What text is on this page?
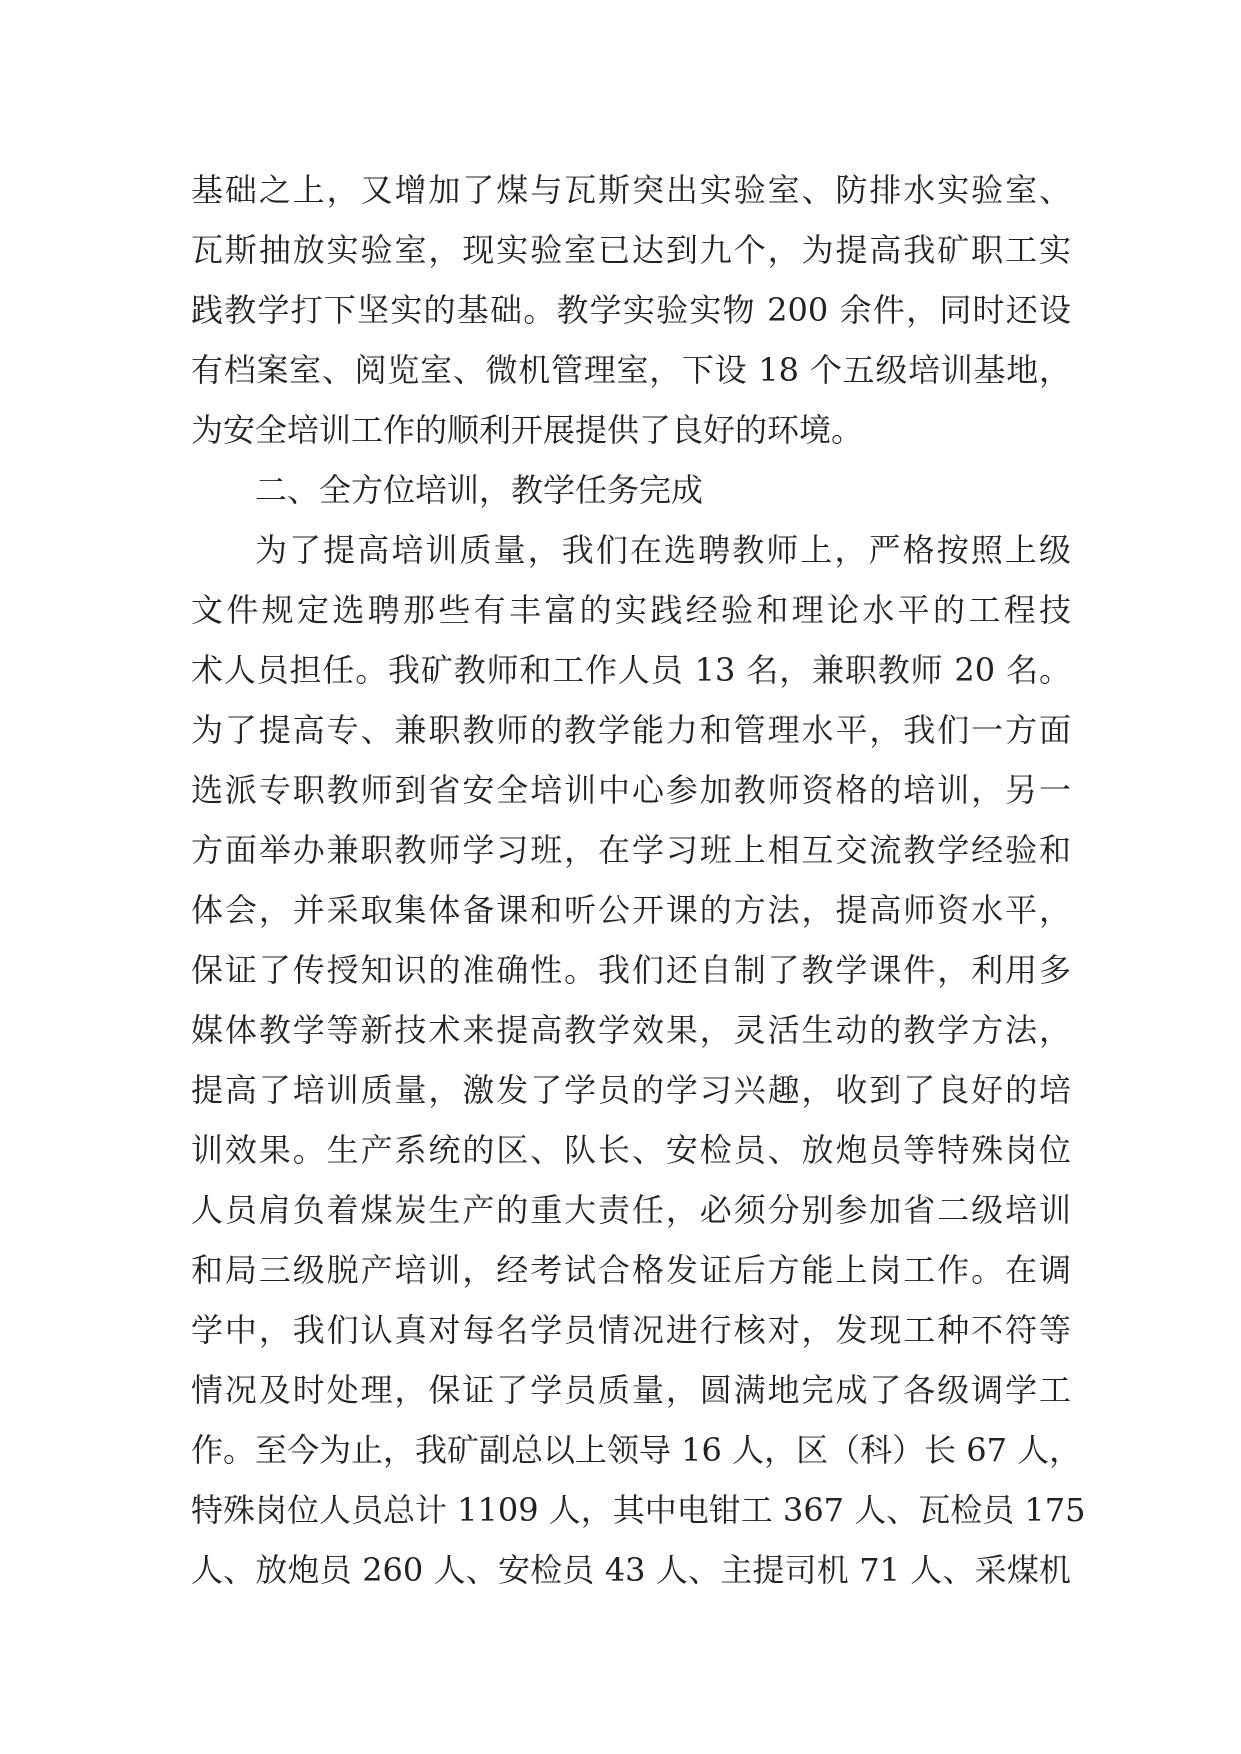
基础之上，又增加了煤与瓦斯突出实验室、防排水实验室、
瓦斯抽放实验室，现实验室已达到九个，为提高我矿职工实
践教学打下坚实的基础。教学实验实物 200 余件，同时还设
有档案室、阅览室、微机管理室，下设 18 个五级培训基地，
为安全培训工作的顺利开展提供了良好的环境。
二、全方位培训，教学任务完成
为了提高培训质量，我们在选聘教师上，严格按照上级
文件规定选聘那些有丰富的实践经验和理论水平的工程技
术人员担任。我矿教师和工作人员 13 名，兼职教师 20 名。
为了提高专、兼职教师的教学能力和管理水平，我们一方面
选派专职教师到省安全培训中心参加教师资格的培训，另一
方面举办兼职教师学习班，在学习班上相互交流教学经验和
体会，并采取集体备课和听公开课的方法，提高师资水平，
保证了传授知识的准确性。我们还自制了教学课件，利用多
媒体教学等新技术来提高教学效果，灵活生动的教学方法，
提高了培训质量，激发了学员的学习兴趣，收到了良好的培
训效果。生产系统的区、队长、安检员、放炮员等特殊岗位
人员肩负着煤炭生产的重大责任，必须分别参加省二级培训
和局三级脱产培训，经考试合格发证后方能上岗工作。在调
学中，我们认真对每名学员情况进行核对，发现工种不符等
情况及时处理，保证了学员质量，圆满地完成了各级调学工
作。至今为止，我矿副总以上领导 16 人，区（科）长 67 人，
特殊岗位人员总计 1109 人，其中电钳工 367 人、瓦检员 175
人、放炮员 260 人、安检员 43 人、主提司机 71 人、采煤机
